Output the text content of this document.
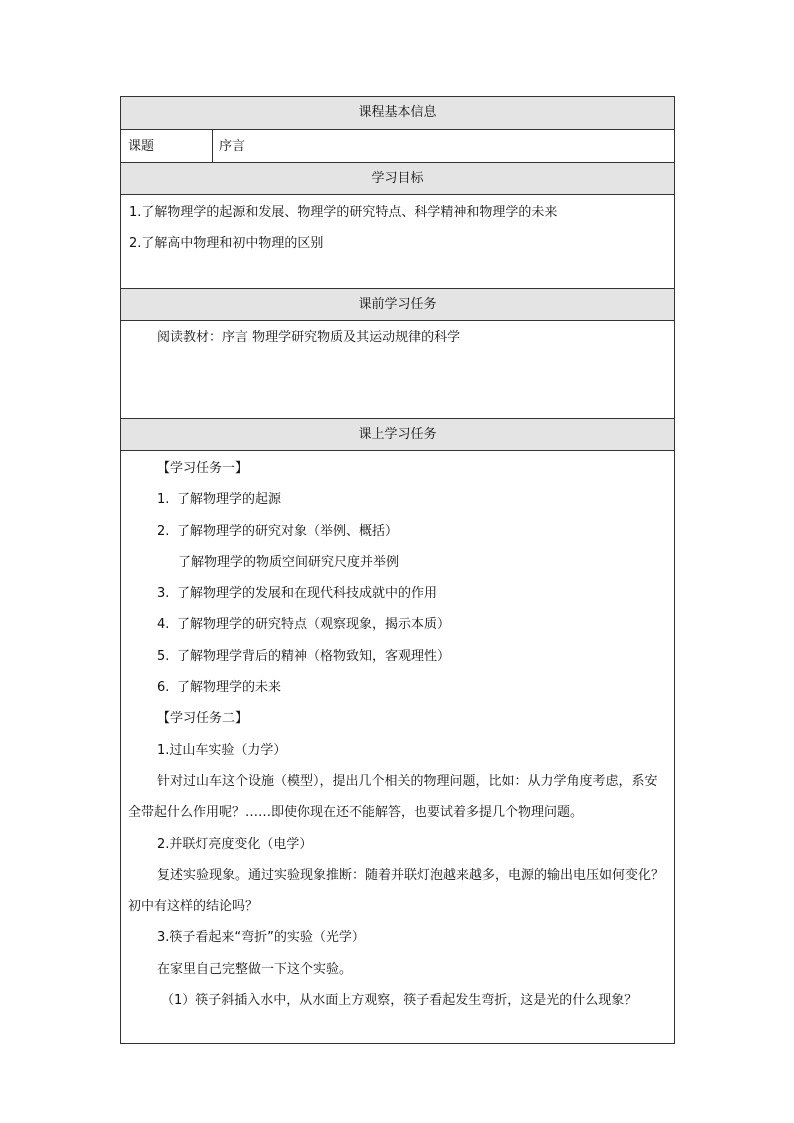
课程基本信息
课题	序言
学习目标
1.了解物理学的起源和发展、物理学的研究特点、科学精神和物理学的未来
2.了解高中物理和初中物理的区别
课前学习任务
阅读教材：序言 物理学研究物质及其运动规律的科学
课上学习任务
【学习任务一】
1. 了解物理学的起源
2. 了解物理学的研究对象（举例、概括）
了解物理学的物质空间研究尺度并举例
3. 了解物理学的发展和在现代科技成就中的作用
4. 了解物理学的研究特点（观察现象，揭示本质）
5. 了解物理学背后的精神（格物致知，客观理性）
6. 了解物理学的未来
【学习任务二】
1.过山车实验（力学）
针对过山车这个设施（模型），提出几个相关的物理问题，比如：从力学角度考虑，系安全带起什么作用呢？……即使你现在还不能解答，也要试着多提几个物理问题。
2.并联灯亮度变化（电学）
复述实验现象。通过实验现象推断：随着并联灯泡越来越多，电源的输出电压如何变化？初中有这样的结论吗？
3.筷子看起来“弯折”的实验（光学）
在家里自己完整做一下这个实验。
（1）筷子斜插入水中，从水面上方观察，筷子看起发生弯折，这是光的什么现象？
